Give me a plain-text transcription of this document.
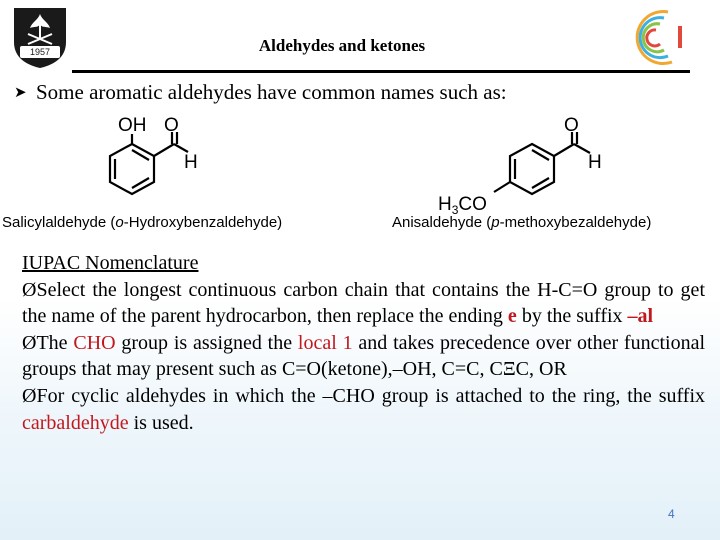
1957	Aldehydes and ketones
➤ Some aromatic aldehydes have common names such as:
OH O
H
O
H
$H_3CO$
Salicylaldehyde (o-Hydroxybenzaldehyde)	Anisaldehyde (p-methoxybezaldehyde)
IUPAC Nomenclature
ØSelect the longest continuous carbon chain that contains the H-C=O group to get the name of the parent hydrocarbon, then replace the ending e by the suffix –al
ØThe CHO group is assigned the local 1 and takes precedence over other functional groups that may present such as C=O(ketone),–OH, C=C, CΞC, OR
ØFor cyclic aldehydes in which the –CHO group is attached to the ring, the suffix carbaldehyde is used.
4
